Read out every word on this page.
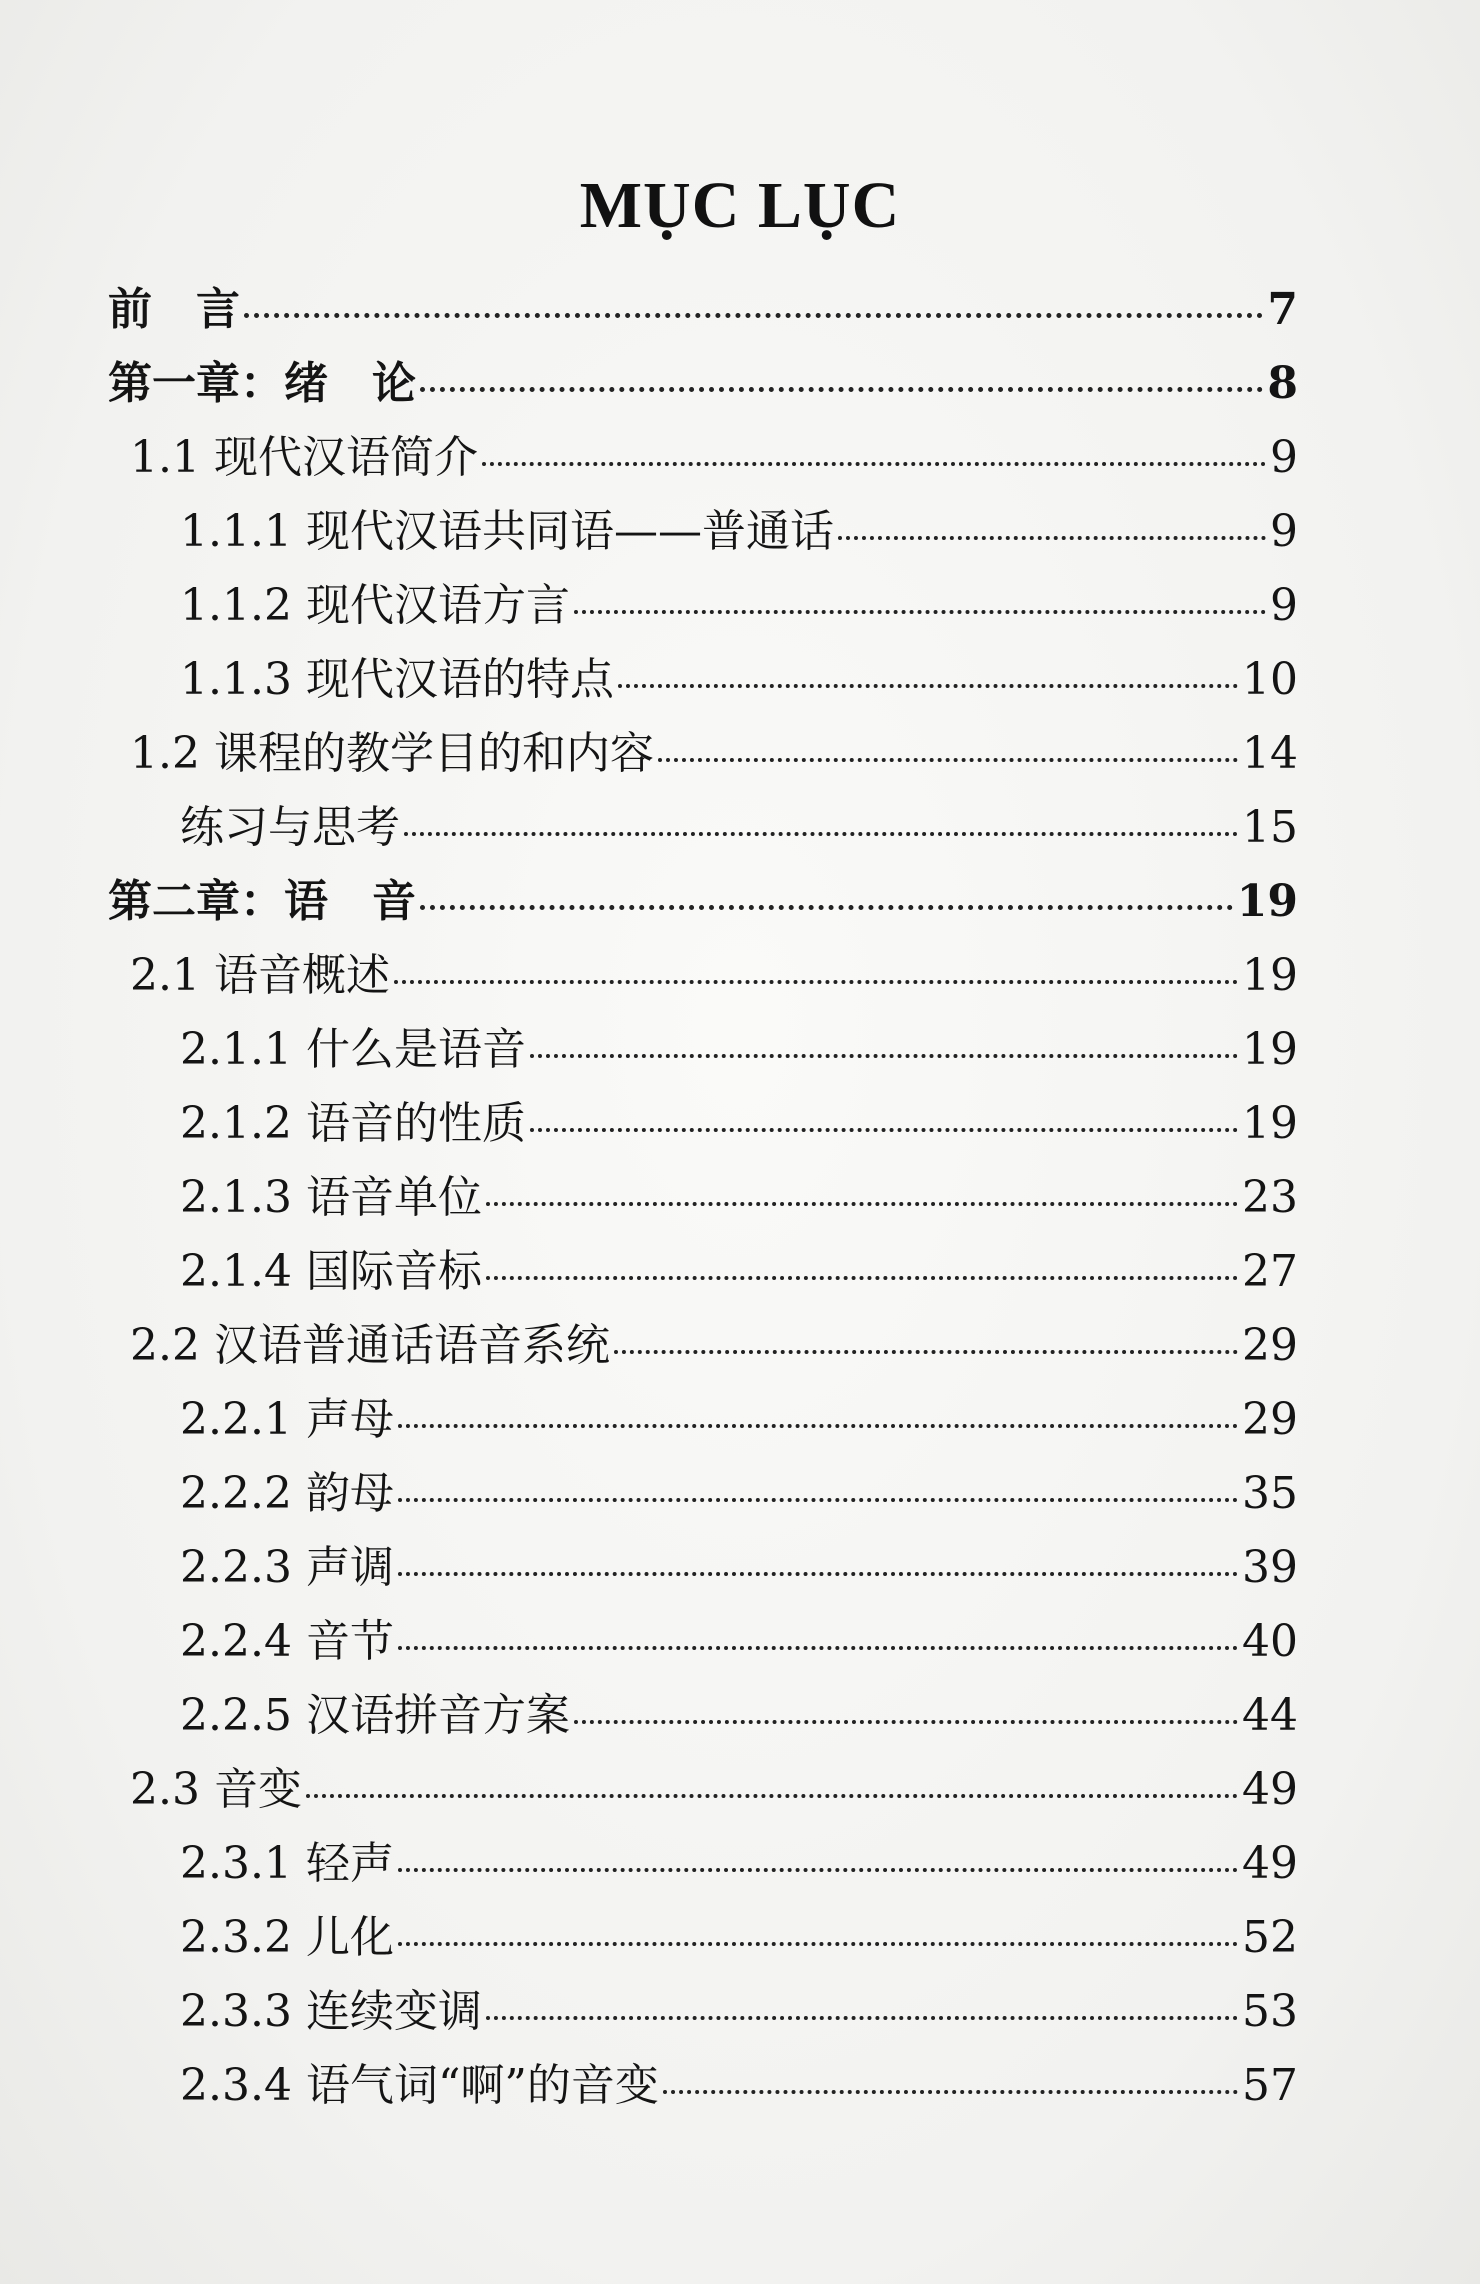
MỤC LỤC
前　言	7
第一章：绪　论	8
1.1 现代汉语简介	9
1.1.1 现代汉语共同语——普通话	9
1.1.2 现代汉语方言	9
1.1.3 现代汉语的特点	10
1.2 课程的教学目的和内容	14
练习与思考	15
第二章：语　音	19
2.1 语音概述	19
2.1.1 什么是语音	19
2.1.2 语音的性质	19
2.1.3 语音单位	23
2.1.4 国际音标	27
2.2 汉语普通话语音系统	29
2.2.1 声母	29
2.2.2 韵母	35
2.2.3 声调	39
2.2.4 音节	40
2.2.5 汉语拼音方案	44
2.3 音变	49
2.3.1 轻声	49
2.3.2 儿化	52
2.3.3 连续变调	53
2.3.4 语气词“啊”的音变	57
